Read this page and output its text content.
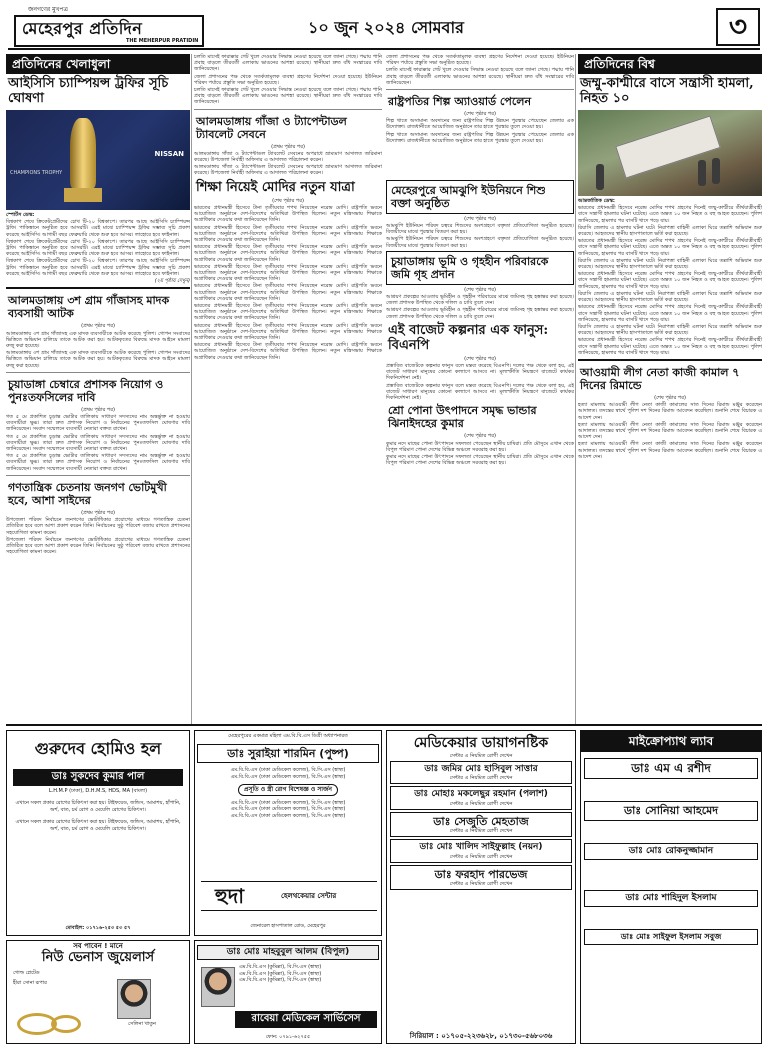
জনগণের মুখপত্র
মেহেরপুর প্রতিদিন
THE MEHERPUR PRATIDIN
১০ জুন ২০২৪ সোমবার	৩
প্রতিদিনের খেলাধুলা
আইসিসি চ্যাম্পিয়ন্স ট্রফির সূচি ঘোষণা
CHAMPIONS TROPHY
NISSAN
স্পোর্টস ডেস্ক:

বিশ্বকাপ শেষে ক্রিকেটপ্রেমীদের চোখ টি-২০ বিশ্বকাপে। তারপর আছে আইসিসি চ্যাম্পিয়ন্স ট্রফি। পাকিস্তানে অনুষ্ঠিত হবে আসরটি। এরই মাঝে চ্যাম্পিয়ন্স ট্রফির সম্ভাব্য সূচি প্রকাশ করেছে আইসিসি। আগামী বছর ফেব্রুয়ারি থেকে শুরু হবে আসর। লাহোরে হবে ফাইনাল।

বিশ্বকাপ শেষে ক্রিকেটপ্রেমীদের চোখ টি-২০ বিশ্বকাপে। তারপর আছে আইসিসি চ্যাম্পিয়ন্স ট্রফি। পাকিস্তানে অনুষ্ঠিত হবে আসরটি। এরই মাঝে চ্যাম্পিয়ন্স ট্রফির সম্ভাব্য সূচি প্রকাশ করেছে আইসিসি। আগামী বছর ফেব্রুয়ারি থেকে শুরু হবে আসর। লাহোরে হবে ফাইনাল।

বিশ্বকাপ শেষে ক্রিকেটপ্রেমীদের চোখ টি-২০ বিশ্বকাপে। তারপর আছে আইসিসি চ্যাম্পিয়ন্স ট্রফি। পাকিস্তানে অনুষ্ঠিত হবে আসরটি। এরই মাঝে চ্যাম্পিয়ন্স ট্রফির সম্ভাব্য সূচি প্রকাশ করেছে আইসিসি। আগামী বছর ফেব্রুয়ারি থেকে শুরু হবে আসর। লাহোরে হবে ফাইনাল।

(২য় পৃষ্ঠায় দেখুন)
আলমডাঙ্গায় ৩শ গ্রাম গাঁজাসহ মাদক ব্যবসায়ী আটক
(প্রথম পৃষ্ঠার পর)

আলমডাঙ্গায় ৩শ গ্রাম গাঁজাসহ এক মাদক ব্যবসায়ীকে আটক করেছে পুলিশ। গোপন সংবাদের ভিত্তিতে অভিযান চালিয়ে তাকে আটক করা হয়। আটককৃতের বিরুদ্ধে মাদক আইনে মামলা রুজু করা হয়েছে।

আলমডাঙ্গায় ৩শ গ্রাম গাঁজাসহ এক মাদক ব্যবসায়ীকে আটক করেছে পুলিশ। গোপন সংবাদের ভিত্তিতে অভিযান চালিয়ে তাকে আটক করা হয়। আটককৃতের বিরুদ্ধে মাদক আইনে মামলা রুজু করা হয়েছে।

চুয়াডাঙ্গা চেম্বারে প্রশাসক নিয়োগ ও পুনঃতফসিলের দাবি
(প্রথম পৃষ্ঠার পর)

গত ৫ মে প্রকাশিত চূড়ান্ত ভোটার তালিকায় সাধারণ সদস্যদের নাম অন্তর্ভুক্ত না হওয়ায় ব্যবসায়ীরা ক্ষুব্ধ। তারা দ্রুত প্রশাসক নিয়োগ ও নির্বাচনের পুনঃতফসিল ঘোষণার দাবি জানিয়েছেন। সংবাদ সম্মেলনে ব্যবসায়ী নেতারা বক্তব্য রাখেন।

গত ৫ মে প্রকাশিত চূড়ান্ত ভোটার তালিকায় সাধারণ সদস্যদের নাম অন্তর্ভুক্ত না হওয়ায় ব্যবসায়ীরা ক্ষুব্ধ। তারা দ্রুত প্রশাসক নিয়োগ ও নির্বাচনের পুনঃতফসিল ঘোষণার দাবি জানিয়েছেন। সংবাদ সম্মেলনে ব্যবসায়ী নেতারা বক্তব্য রাখেন।

গত ৫ মে প্রকাশিত চূড়ান্ত ভোটার তালিকায় সাধারণ সদস্যদের নাম অন্তর্ভুক্ত না হওয়ায় ব্যবসায়ীরা ক্ষুব্ধ। তারা দ্রুত প্রশাসক নিয়োগ ও নির্বাচনের পুনঃতফসিল ঘোষণার দাবি জানিয়েছেন। সংবাদ সম্মেলনে ব্যবসায়ী নেতারা বক্তব্য রাখেন।

গণতান্ত্রিক চেতনায় জনগণ ভোটমুখী হবে, আশা সাইদের
(প্রথম পৃষ্ঠার পর)

উপজেলা পরিষদ নির্বাচনে জনগণের ভোটাধিকার প্রয়োগের মাধ্যমে গণতান্ত্রিক চেতনা প্রতিষ্ঠিত হবে বলে আশা প্রকাশ করেন তিনি। নির্বাচনের সুষ্ঠু পরিবেশ বজায় রাখতে প্রশাসনের সহযোগিতা কামনা করেন।

উপজেলা পরিষদ নির্বাচনে জনগণের ভোটাধিকার প্রয়োগের মাধ্যমে গণতান্ত্রিক চেতনা প্রতিষ্ঠিত হবে বলে আশা প্রকাশ করেন তিনি। নির্বাচনের সুষ্ঠু পরিবেশ বজায় রাখতে প্রশাসনের সহযোগিতা কামনা করেন।

চলতি মাসেই ফারাক্কার গেট খুলে দেওয়ার সিদ্ধান্ত নেওয়া হয়েছে বলে জানা গেছে। পদ্মায় পানি প্রবাহ বাড়লে তীরবর্তী এলাকায় ভাঙনের আশঙ্কা রয়েছে। স্থানীয়রা দ্রুত বাঁধ সংস্কারের দাবি জানিয়েছেন।

জেলা প্রশাসনের পক্ষ থেকে সতর্কতামূলক ব্যবস্থা গ্রহণের নির্দেশনা দেওয়া হয়েছে। ইউনিয়ন পরিষদ পর্যায়ে প্রস্তুতি সভা অনুষ্ঠিত হয়েছে।

চলতি মাসেই ফারাক্কার গেট খুলে দেওয়ার সিদ্ধান্ত নেওয়া হয়েছে বলে জানা গেছে। পদ্মায় পানি প্রবাহ বাড়লে তীরবর্তী এলাকায় ভাঙনের আশঙ্কা রয়েছে। স্থানীয়রা দ্রুত বাঁধ সংস্কারের দাবি জানিয়েছেন।

আলমডাঙ্গায় গাঁজা ও ট্যাপেন্টাডল ট্যাবলেট সেবনে
(প্রথম পৃষ্ঠার পর)

আলমডাঙ্গায় গাঁজা ও ট্যাপেন্টাডল ট্যাবলেট সেবনের অপরাধে ভ্রাম্যমাণ আদালত জরিমানা করেছে। উপজেলা নির্বাহী অফিসার এ আদালত পরিচালনা করেন।

আলমডাঙ্গায় গাঁজা ও ট্যাপেন্টাডল ট্যাবলেট সেবনের অপরাধে ভ্রাম্যমাণ আদালত জরিমানা করেছে। উপজেলা নির্বাহী অফিসার এ আদালত পরিচালনা করেন।

জেলা প্রশাসনের পক্ষ থেকে সতর্কতামূলক ব্যবস্থা গ্রহণের নির্দেশনা দেওয়া হয়েছে। ইউনিয়ন পরিষদ পর্যায়ে প্রস্তুতি সভা অনুষ্ঠিত হয়েছে।

চলতি মাসেই ফারাক্কার গেট খুলে দেওয়ার সিদ্ধান্ত নেওয়া হয়েছে বলে জানা গেছে। পদ্মায় পানি প্রবাহ বাড়লে তীরবর্তী এলাকায় ভাঙনের আশঙ্কা রয়েছে। স্থানীয়রা দ্রুত বাঁধ সংস্কারের দাবি জানিয়েছেন।

রাষ্ট্রপতির শিল্প অ্যাওয়ার্ড পেলেন
(শেষ পৃষ্ঠার পর)

শিল্প খাতে অসামান্য অবদানের জন্য রাষ্ট্রপতির শিল্প উন্নয়ন পুরস্কার পেয়েছেন জেলার এক উদ্যোক্তা। রাজধানীতে আয়োজিত অনুষ্ঠানে তার হাতে পুরস্কার তুলে দেওয়া হয়।

শিল্প খাতে অসামান্য অবদানের জন্য রাষ্ট্রপতির শিল্প উন্নয়ন পুরস্কার পেয়েছেন জেলার এক উদ্যোক্তা। রাজধানীতে আয়োজিত অনুষ্ঠানে তার হাতে পুরস্কার তুলে দেওয়া হয়।

শিক্ষা নিয়েই মোদির নতুন যাত্রা
(শেষ পৃষ্ঠার পর)

ভারতের প্রধানমন্ত্রী হিসেবে টানা তৃতীয়বার শপথ নিয়েছেন নরেন্দ্র মোদি। রাষ্ট্রপতি ভবনে আয়োজিত অনুষ্ঠানে দেশ-বিদেশের অতিথিরা উপস্থিত ছিলেন। নতুন মন্ত্রিসভায় শিক্ষাকে অগ্রাধিকার দেওয়ার কথা জানিয়েছেন তিনি।

ভারতের প্রধানমন্ত্রী হিসেবে টানা তৃতীয়বার শপথ নিয়েছেন নরেন্দ্র মোদি। রাষ্ট্রপতি ভবনে আয়োজিত অনুষ্ঠানে দেশ-বিদেশের অতিথিরা উপস্থিত ছিলেন। নতুন মন্ত্রিসভায় শিক্ষাকে অগ্রাধিকার দেওয়ার কথা জানিয়েছেন তিনি।

ভারতের প্রধানমন্ত্রী হিসেবে টানা তৃতীয়বার শপথ নিয়েছেন নরেন্দ্র মোদি। রাষ্ট্রপতি ভবনে আয়োজিত অনুষ্ঠানে দেশ-বিদেশের অতিথিরা উপস্থিত ছিলেন। নতুন মন্ত্রিসভায় শিক্ষাকে অগ্রাধিকার দেওয়ার কথা জানিয়েছেন তিনি।

ভারতের প্রধানমন্ত্রী হিসেবে টানা তৃতীয়বার শপথ নিয়েছেন নরেন্দ্র মোদি। রাষ্ট্রপতি ভবনে আয়োজিত অনুষ্ঠানে দেশ-বিদেশের অতিথিরা উপস্থিত ছিলেন। নতুন মন্ত্রিসভায় শিক্ষাকে অগ্রাধিকার দেওয়ার কথা জানিয়েছেন তিনি।

ভারতের প্রধানমন্ত্রী হিসেবে টানা তৃতীয়বার শপথ নিয়েছেন নরেন্দ্র মোদি। রাষ্ট্রপতি ভবনে আয়োজিত অনুষ্ঠানে দেশ-বিদেশের অতিথিরা উপস্থিত ছিলেন। নতুন মন্ত্রিসভায় শিক্ষাকে অগ্রাধিকার দেওয়ার কথা জানিয়েছেন তিনি।

ভারতের প্রধানমন্ত্রী হিসেবে টানা তৃতীয়বার শপথ নিয়েছেন নরেন্দ্র মোদি। রাষ্ট্রপতি ভবনে আয়োজিত অনুষ্ঠানে দেশ-বিদেশের অতিথিরা উপস্থিত ছিলেন। নতুন মন্ত্রিসভায় শিক্ষাকে অগ্রাধিকার দেওয়ার কথা জানিয়েছেন তিনি।

ভারতের প্রধানমন্ত্রী হিসেবে টানা তৃতীয়বার শপথ নিয়েছেন নরেন্দ্র মোদি। রাষ্ট্রপতি ভবনে আয়োজিত অনুষ্ঠানে দেশ-বিদেশের অতিথিরা উপস্থিত ছিলেন। নতুন মন্ত্রিসভায় শিক্ষাকে অগ্রাধিকার দেওয়ার কথা জানিয়েছেন তিনি।

ভারতের প্রধানমন্ত্রী হিসেবে টানা তৃতীয়বার শপথ নিয়েছেন নরেন্দ্র মোদি। রাষ্ট্রপতি ভবনে আয়োজিত অনুষ্ঠানে দেশ-বিদেশের অতিথিরা উপস্থিত ছিলেন। নতুন মন্ত্রিসভায় শিক্ষাকে অগ্রাধিকার দেওয়ার কথা জানিয়েছেন তিনি।

মেহেরপুরে আমঝুপি ইউনিয়নে শিশু বক্তা অনুষ্ঠিত
(শেষ পৃষ্ঠার পর)

আমঝুপি ইউনিয়ন পরিষদ চত্বরে শিশুদের অংশগ্রহণে বক্তৃতা প্রতিযোগিতা অনুষ্ঠিত হয়েছে। বিজয়ীদের মাঝে পুরস্কার বিতরণ করা হয়।

আমঝুপি ইউনিয়ন পরিষদ চত্বরে শিশুদের অংশগ্রহণে বক্তৃতা প্রতিযোগিতা অনুষ্ঠিত হয়েছে। বিজয়ীদের মাঝে পুরস্কার বিতরণ করা হয়।

চুয়াডাঙ্গায় ভূমি ও গৃহহীন পরিবারকে জমি গৃহ প্রদান
(শেষ পৃষ্ঠার পর)

আশ্রয়ণ প্রকল্পের আওতায় ভূমিহীন ও গৃহহীন পরিবারের মাঝে জমিসহ গৃহ হস্তান্তর করা হয়েছে। জেলা প্রশাসক উপস্থিত থেকে দলিল ও চাবি তুলে দেন।

আশ্রয়ণ প্রকল্পের আওতায় ভূমিহীন ও গৃহহীন পরিবারের মাঝে জমিসহ গৃহ হস্তান্তর করা হয়েছে। জেলা প্রশাসক উপস্থিত থেকে দলিল ও চাবি তুলে দেন।

এই বাজেট কল্পনার এক ফানুস: বিএনপি
(শেষ পৃষ্ঠার পর)

প্রস্তাবিত বাজেটকে কল্পনার ফানুস বলে মন্তব্য করেছে বিএনপি। দলের পক্ষ থেকে বলা হয়, এই বাজেট সাধারণ মানুষের কোনো কল্যাণে আসবে না। মূল্যস্ফীতি নিয়ন্ত্রণে বাজেটে কার্যকর দিকনির্দেশনা নেই।

প্রস্তাবিত বাজেটকে কল্পনার ফানুস বলে মন্তব্য করেছে বিএনপি। দলের পক্ষ থেকে বলা হয়, এই বাজেট সাধারণ মানুষের কোনো কল্যাণে আসবে না। মূল্যস্ফীতি নিয়ন্ত্রণে বাজেটে কার্যকর দিকনির্দেশনা নেই।

শ্রো পোনা উৎপাদনে সমৃদ্ধ ভান্ডার ঝিনাইদহের কুমার
(শেষ পৃষ্ঠার পর)

কুমার নদে মাছের পোনা উৎপাদনে সফলতা পেয়েছেন স্থানীয় চাষিরা। প্রতি মৌসুমে এখান থেকে বিপুল পরিমাণ পোনা দেশের বিভিন্ন অঞ্চলে সরবরাহ করা হয়।

কুমার নদে মাছের পোনা উৎপাদনে সফলতা পেয়েছেন স্থানীয় চাষিরা। প্রতি মৌসুমে এখান থেকে বিপুল পরিমাণ পোনা দেশের বিভিন্ন অঞ্চলে সরবরাহ করা হয়।

প্রতিদিনের বিশ্ব
জম্মু-কাশ্মীরে বাসে সন্ত্রাসী হামলা, নিহত ১০
আন্তর্জাতিক ডেস্ক:

ভারতের প্রধানমন্ত্রী হিসেবে নরেন্দ্র মোদির শপথ গ্রহণের দিনেই জম্মু-কাশ্মীরে তীর্থযাত্রীবাহী বাসে সন্ত্রাসী হামলার ঘটনা ঘটেছে। এতে অন্তত ১০ জন নিহত ও বহু আহত হয়েছেন। পুলিশ জানিয়েছে, হামলার পর বাসটি খাদে পড়ে যায়।

রিয়াসি জেলায় এ হামলার ঘটনা ঘটে। নিরাপত্তা বাহিনী এলাকা ঘিরে তল্লাশি অভিযান শুরু করেছে। আহতদের স্থানীয় হাসপাতালে ভর্তি করা হয়েছে।

ভারতের প্রধানমন্ত্রী হিসেবে নরেন্দ্র মোদির শপথ গ্রহণের দিনেই জম্মু-কাশ্মীরে তীর্থযাত্রীবাহী বাসে সন্ত্রাসী হামলার ঘটনা ঘটেছে। এতে অন্তত ১০ জন নিহত ও বহু আহত হয়েছেন। পুলিশ জানিয়েছে, হামলার পর বাসটি খাদে পড়ে যায়।

রিয়াসি জেলায় এ হামলার ঘটনা ঘটে। নিরাপত্তা বাহিনী এলাকা ঘিরে তল্লাশি অভিযান শুরু করেছে। আহতদের স্থানীয় হাসপাতালে ভর্তি করা হয়েছে।

ভারতের প্রধানমন্ত্রী হিসেবে নরেন্দ্র মোদির শপথ গ্রহণের দিনেই জম্মু-কাশ্মীরে তীর্থযাত্রীবাহী বাসে সন্ত্রাসী হামলার ঘটনা ঘটেছে। এতে অন্তত ১০ জন নিহত ও বহু আহত হয়েছেন। পুলিশ জানিয়েছে, হামলার পর বাসটি খাদে পড়ে যায়।

রিয়াসি জেলায় এ হামলার ঘটনা ঘটে। নিরাপত্তা বাহিনী এলাকা ঘিরে তল্লাশি অভিযান শুরু করেছে। আহতদের স্থানীয় হাসপাতালে ভর্তি করা হয়েছে।

ভারতের প্রধানমন্ত্রী হিসেবে নরেন্দ্র মোদির শপথ গ্রহণের দিনেই জম্মু-কাশ্মীরে তীর্থযাত্রীবাহী বাসে সন্ত্রাসী হামলার ঘটনা ঘটেছে। এতে অন্তত ১০ জন নিহত ও বহু আহত হয়েছেন। পুলিশ জানিয়েছে, হামলার পর বাসটি খাদে পড়ে যায়।

রিয়াসি জেলায় এ হামলার ঘটনা ঘটে। নিরাপত্তা বাহিনী এলাকা ঘিরে তল্লাশি অভিযান শুরু করেছে। আহতদের স্থানীয় হাসপাতালে ভর্তি করা হয়েছে।

ভারতের প্রধানমন্ত্রী হিসেবে নরেন্দ্র মোদির শপথ গ্রহণের দিনেই জম্মু-কাশ্মীরে তীর্থযাত্রীবাহী বাসে সন্ত্রাসী হামলার ঘটনা ঘটেছে। এতে অন্তত ১০ জন নিহত ও বহু আহত হয়েছেন। পুলিশ জানিয়েছে, হামলার পর বাসটি খাদে পড়ে যায়।

আওয়ামী লীগ নেতা কাজী কামাল ৭ দিনের রিমান্ডে
(শেষ পৃষ্ঠার পর)

হত্যা মামলায় আওয়ামী লীগ নেতা কাজী কামালের সাত দিনের রিমান্ড মঞ্জুর করেছেন আদালত। তদন্তের স্বার্থে পুলিশ দশ দিনের রিমান্ড আবেদন করেছিল। শুনানি শেষে বিচারক এ আদেশ দেন।

হত্যা মামলায় আওয়ামী লীগ নেতা কাজী কামালের সাত দিনের রিমান্ড মঞ্জুর করেছেন আদালত। তদন্তের স্বার্থে পুলিশ দশ দিনের রিমান্ড আবেদন করেছিল। শুনানি শেষে বিচারক এ আদেশ দেন।

হত্যা মামলায় আওয়ামী লীগ নেতা কাজী কামালের সাত দিনের রিমান্ড মঞ্জুর করেছেন আদালত। তদন্তের স্বার্থে পুলিশ দশ দিনের রিমান্ড আবেদন করেছিল। শুনানি শেষে বিচারক এ আদেশ দেন।

গুরুদেব হোমিও হল
ডাঃ সুকদেব কুমার পাল
L.H.M.P (ঢাকা), D.H.M.S, HDS, MA (বাংলা)
এখানে সকল প্রকার রোগের চিকিৎসা করা হয়। টাইফয়েড, জন্ডিস, আমাশয়, হাঁপানি, অর্শ, বাত, চর্ম রোগ ও মেয়েলি রোগের চিকিৎসা।
এখানে সকল প্রকার রোগের চিকিৎসা করা হয়। টাইফয়েড, জন্ডিস, আমাশয়, হাঁপানি, অর্শ, বাত, চর্ম রোগ ও মেয়েলি রোগের চিকিৎসা।
মোবাইল: ০১৭১৬-২৫৩ ৫৩ ৫৭
সব পাবেন ! মানে
নিউ ভেনাস জুয়েলার্স
গোল্ড প্লেটেড
হীরা সোনা রূপার
সেলিনা খাতুন
মেহেরপুরের একমাত্র মহিলা এম.বি.বি.এস ডিগ্রী অধ্যাপনারত
ডাঃ সুরাইয়া শারমিন (পুষ্প)
এম.বি.বি.এস (ঢাকা মেডিকেল কলেজ), বি.সি.এস (স্বাস্থ্য)
এম.বি.বি.এস (ঢাকা মেডিকেল কলেজ), বি.সি.এস (স্বাস্থ্য)
প্রসূতি ও স্ত্রী রোগ বিশেষজ্ঞ ও সার্জন
এম.বি.বি.এস (ঢাকা মেডিকেল কলেজ), বি.সি.এস (স্বাস্থ্য)
এম.বি.বি.এস (ঢাকা মেডিকেল কলেজ), বি.সি.এস (স্বাস্থ্য)
এম.বি.বি.এস (ঢাকা মেডিকেল কলেজ), বি.সি.এস (স্বাস্থ্য)
হুদা	হেলথকেয়ার সেন্টার
জেনারেল হাসপাতাল রোড, মেহেরপুর
ডাঃ মোঃ মাহবুবুল আলম (বিপুল)
এম.বি.বি.এস (কুমিল্লা), বি.সি.এস (স্বাস্থ্য)
এম.বি.বি.এস (কুমিল্লা), বি.সি.এস (স্বাস্থ্য)
এম.বি.বি.এস (কুমিল্লা), বি.সি.এস (স্বাস্থ্য)
রাবেয়া মেডিকেল সার্ভিসেস
ফোন: ০৭৯১-৬২৭৫৫
মেডিকেয়ার ডায়াগনষ্টিক
সেন্টার এ নিয়মিত রোগী দেখেন
ডাঃ জমির মোঃ হাসিবুল সাত্তার
সেন্টার এ নিয়মিত রোগী দেখেন
ডাঃ মোহাঃ মকলেছুর রহমান (পলাশ)
সেন্টার এ নিয়মিত রোগী দেখেন
ডাঃ সেজুতি মেহতাজ
সেন্টার এ নিয়মিত রোগী দেখেন
ডাঃ মোঃ খালিদ সাইফুল্লাহ (নয়ন)
সেন্টার এ নিয়মিত রোগী দেখেন
ডাঃ ফরহাদ পারভেজ
সেন্টার এ নিয়মিত রোগী দেখেন
সিরিয়াল : ০১৭০৫-২২৩৬২৮, ০১৭৩০-৫৬৮০৩৬
মাইক্রোপ্যাথ ল্যাব
ডাঃ এম এ রশীদ
ডাঃ সোনিয়া আহমেদ
ডাঃ মোঃ রোকনুজ্জামান
ডাঃ মোঃ শাহিদুল ইসলাম
ডাঃ মোঃ সাইফুল ইসলাম সবুজ
